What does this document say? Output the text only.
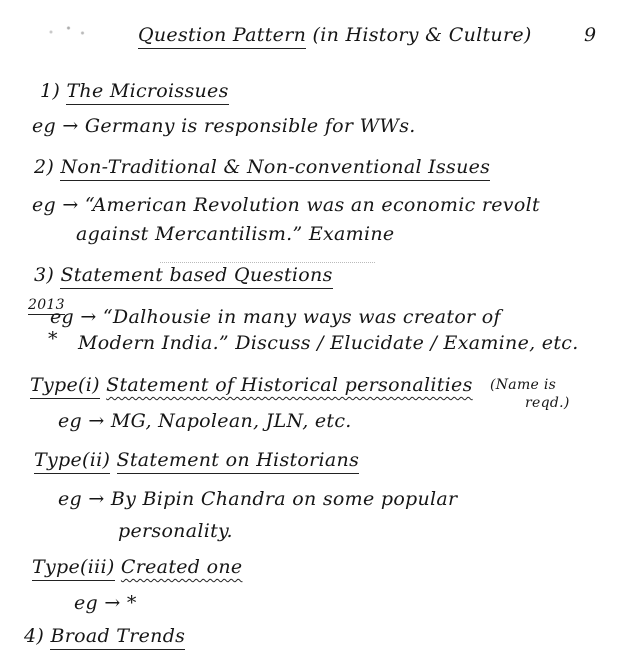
Question Pattern (in History & Culture)	9
1) The Microissues
eg → Germany is responsible for WWs.
2) Non-Traditional & Non-conventional Issues
eg → “American Revolution was an economic revolt
against Mercantilism.” Examine
3) Statement based Questions
2013
*
eg → “Dalhousie in many ways was creator of
Modern India.” Discuss / Elucidate / Examine, etc.
Type(i) Statement of Historical personalities (Name is
reqd.)
eg → MG, Napolean, JLN, etc.
Type(ii) Statement on Historians
eg → By Bipin Chandra on some popular
personality.
Type(iii) Created one
eg → *
4) Broad Trends
